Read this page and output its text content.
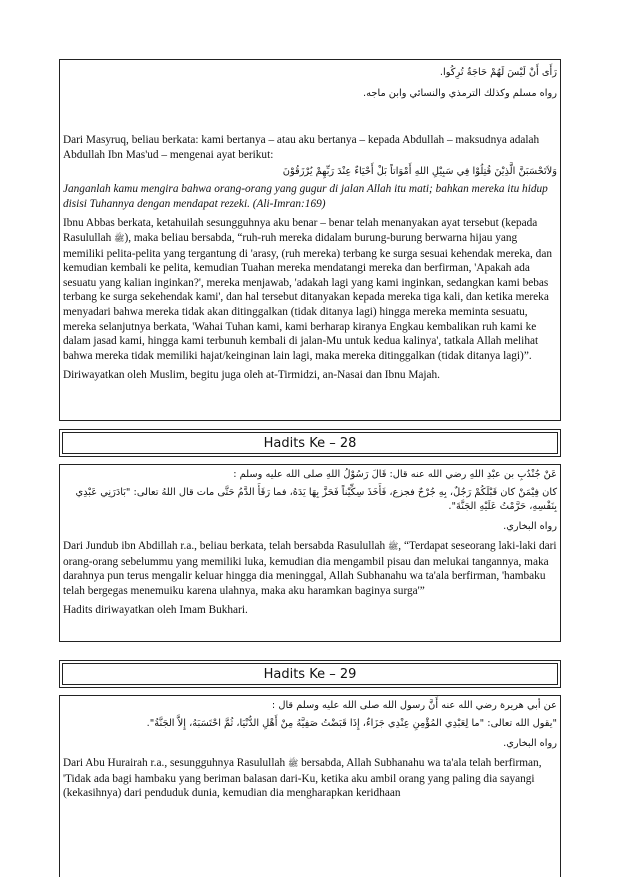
رَأَى أَنْ لَيْسَ لَهُمْ حَاجَةٌ تُرِكُوا.
رواه مسلم وكذلك الترمذي والنسائي وابن ماجه.

Dari Masyruq, beliau berkata: kami bertanya – atau aku bertanya – kepada Abdullah – maksudnya adalah Abdullah Ibn Mas'ud – mengenai ayat berikut:

وَلاَتَحْسَبَنَّ الَّذِيْنَ قُتِلُوْا فِي سَبِيْلِ اللهِ أَمْوَاتاً بَلْ أَحْيَاءٌ عِنْدَ رَبِّهِمْ يُرْزَقُوْنَ

Janganlah kamu mengira bahwa orang-orang yang gugur di jalan Allah itu mati; bahkan mereka itu hidup disisi Tuhannya dengan mendapat rezeki. (Ali-Imran:169)

Ibnu Abbas berkata, ketahuilah sesungguhnya aku benar – benar telah menanyakan ayat tersebut (kepada Rasulullah ﷺ), maka beliau bersabda, “ruh-ruh mereka didalam burung-burung berwarna hijau yang memiliki pelita-pelita yang tergantung di 'arasy, (ruh mereka) terbang ke surga sesuai kehendak mereka, dan kemudian kembali ke pelita, kemudian Tuahan mereka mendatangi mereka dan berfirman, 'Apakah ada sesuatu yang kalian inginkan?', mereka menjawab, 'adakah lagi yang kami inginkan, sedangkan kami bebas terbang ke surga sekehendak kami', dan hal tersebut ditanyakan kepada mereka tiga kali, dan ketika mereka menyadari bahwa mereka tidak akan ditinggalkan (tidak ditanya lagi) hingga mereka meminta sesuatu, mereka selanjutnya berkata, 'Wahai Tuhan kami, kami berharap kiranya Engkau kembalikan ruh kami ke dalam jasad kami, hingga kami terbunuh kembali di jalan-Mu untuk kedua kalinya', tatkala Allah melihat bahwa mereka tidak memiliki hajat/keinginan lain lagi, maka mereka ditinggalkan (tidak ditanya lagi)”.

Diriwayatkan oleh Muslim, begitu juga oleh at-Tirmidzi, an-Nasai dan Ibnu Majah.

Hadits Ke – 28
عَنْ جُنْدُبِ بن عبْدِ اللهِ رضي الله عنه قال: قَالَ رَسُوْلُ اللهِ صلى الله عليه وسلم :
كان فِيْمَنْ كان قَبْلَكُمْ رَجُلٌ، بِهِ جُرْحٌ فجزع، فَأَخَذَ سِكِّيْناً فَحَزَّ بِهَا يَدَهُ، فما رَقَأَ الدَّمُ حَتَّى مات قال اللهُ تعالى: "بَادَرَنِي عَبْدِي بِنَفْسِهِ، حَرَّمْتُ عَلَيْهِ الجَنَّةَ".
رواه البخاري.

Dari Jundub ibn Abdillah r.a., beliau berkata, telah bersabda Rasulullah ﷺ, “Terdapat seseorang laki-laki dari orang-orang sebelummu yang memiliki luka, kemudian dia mengambil pisau dan melukai tangannya, maka darahnya pun terus mengalir keluar hingga dia meninggal, Allah Subhanahu wa ta'ala berfirman, 'hambaku telah bergegas menemuiku karena ulahnya, maka aku haramkan baginya surga'”

Hadits diriwayatkan oleh Imam Bukhari.

Hadits Ke – 29
عن أبي هريرة رضي الله عنه أَنَّ رسول الله صلى الله عليه وسلم قال :
"يقول الله تعالى: "ما لِعَبْدِي المُؤْمِنِ عِنْدِي جَزَاءٌ، إِذَا قَبَضْتُ صَفِيَّهُ مِنْ أَهْلِ الدُّنْيَا، ثُمَّ احْتَسَبَهُ، إِلاَّ الجَنَّةُ".
رواه البخاري.

Dari Abu Hurairah r.a., sesungguhnya Rasulullah ﷺ bersabda, Allah Subhanahu wa ta'ala telah berfirman, 'Tidak ada bagi hambaku yang beriman balasan dari-Ku, ketika aku ambil orang yang paling dia sayangi (kekasihnya) dari penduduk dunia, kemudian dia mengharapkan keridhaan
